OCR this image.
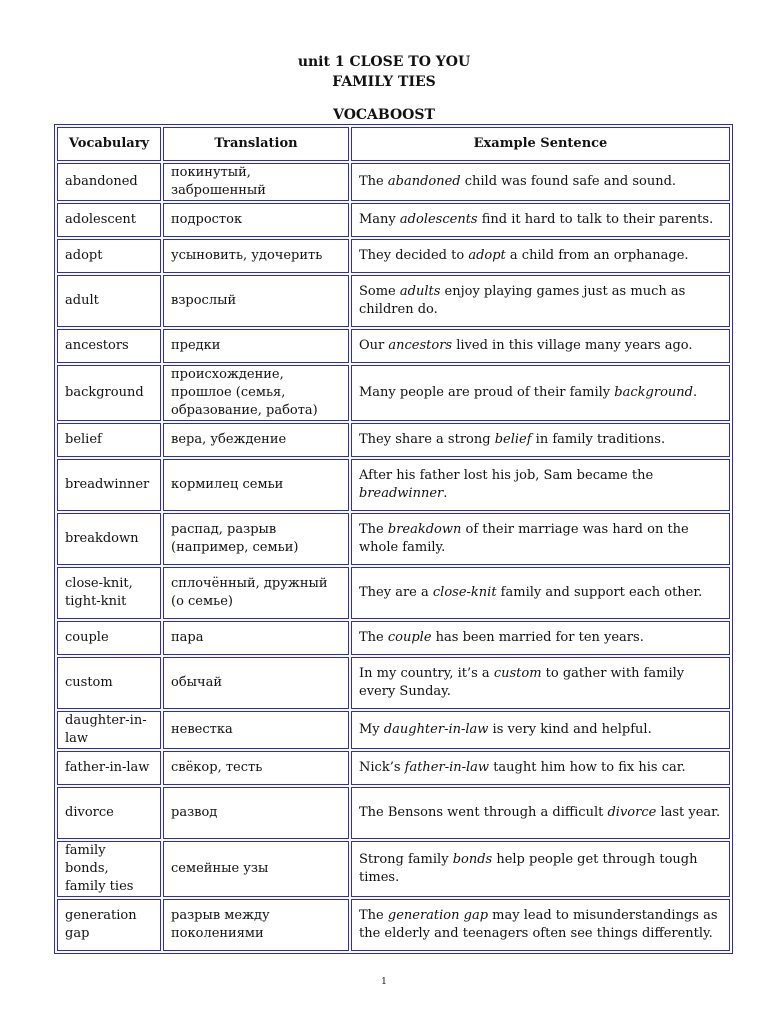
unit 1 CLOSE TO YOU
FAMILY TIES
VOCABOOST
Vocabulary	Translation	Example Sentence
abandoned	покинутый, заброшенный	The abandoned child was found safe and sound.
adolescent	подросток	Many adolescents find it hard to talk to their parents.
adopt	усыновить, удочерить	They decided to adopt a child from an orphanage.
adult	взрослый	Some adults enjoy playing games just as much as children do.
ancestors	предки	Our ancestors lived in this village many years ago.
background	происхождение, прошлое (семья, образование, работа)	Many people are proud of their family background.
belief	вера, убеждение	They share a strong belief in family traditions.
breadwinner	кормилец семьи	After his father lost his job, Sam became the breadwinner.
breakdown	распад, разрыв (например, семьи)	The breakdown of their marriage was hard on the whole family.
close-knit, tight-knit	сплочённый, дружный (о семье)	They are a close-knit family and support each other.
couple	пара	The couple has been married for ten years.
custom	обычай	In my country, it’s a custom to gather with family every Sunday.
daughter-in-law	невестка	My daughter-in-law is very kind and helpful.
father-in-law	свёкор, тесть	Nick’s father-in-law taught him how to fix his car.
divorce	развод	The Bensons went through a difficult divorce last year.
family bonds, family ties	семейные узы	Strong family bonds help people get through tough times.
generation gap	разрыв между поколениями	The generation gap may lead to misunderstandings as the elderly and teenagers often see things differently.
1
